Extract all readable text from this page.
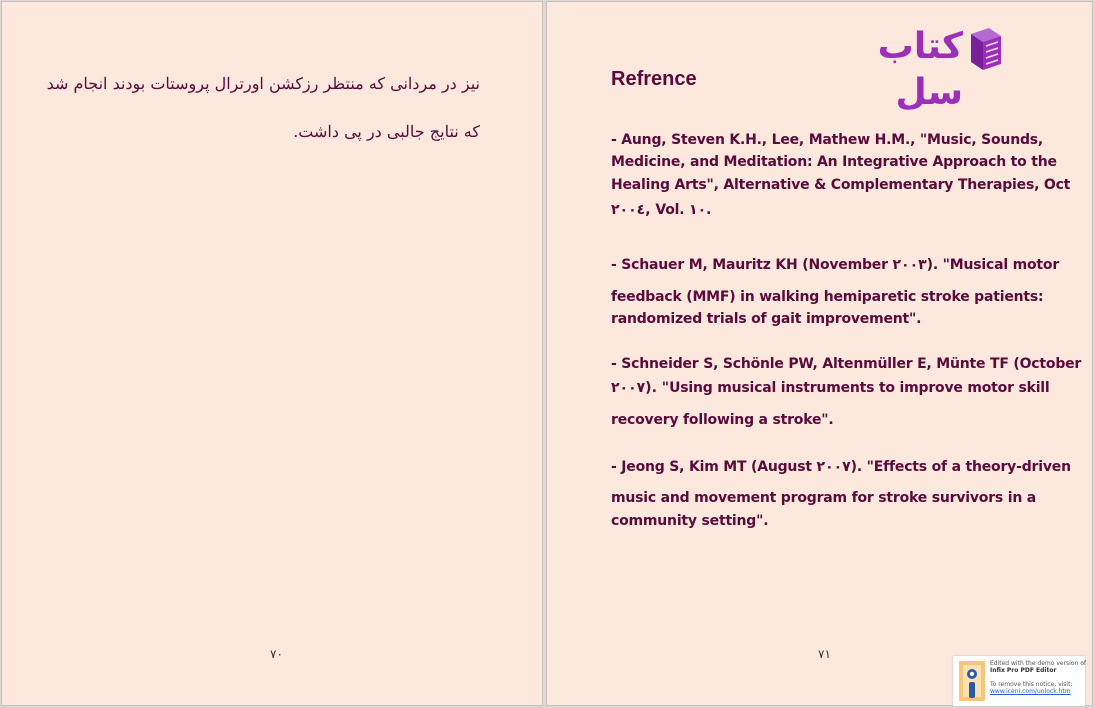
نیز در مردانی که منتظر رزکشن اورترال پروستات بودند انجام شد
که نتایج جالبی در پی داشت.
۷۰
کتاب سل
Refrence
- Aung, Steven K.H., Lee, Mathew H.M., "Music, Sounds,
Medicine, and Meditation: An Integrative Approach to the
Healing Arts", Alternative & Complementary Therapies, Oct
۲۰۰٤, Vol. ۱۰.
- Schauer M, Mauritz KH (November ۲۰۰۳). "Musical motor
feedback (MMF) in walking hemiparetic stroke patients:
randomized trials of gait improvement".
- Schneider S, Schönle PW, Altenmüller E, Münte TF (October
۲۰۰۷). "Using musical instruments to improve motor skill
recovery following a stroke".
- Jeong S, Kim MT (August ۲۰۰۷). "Effects of a theory-driven
music and movement program for stroke survivors in a
community setting".
۷۱
Edited with the demo version of
Infix Pro PDF Editor
To remove this notice, visit:
www.iceni.com/unlock.htm
